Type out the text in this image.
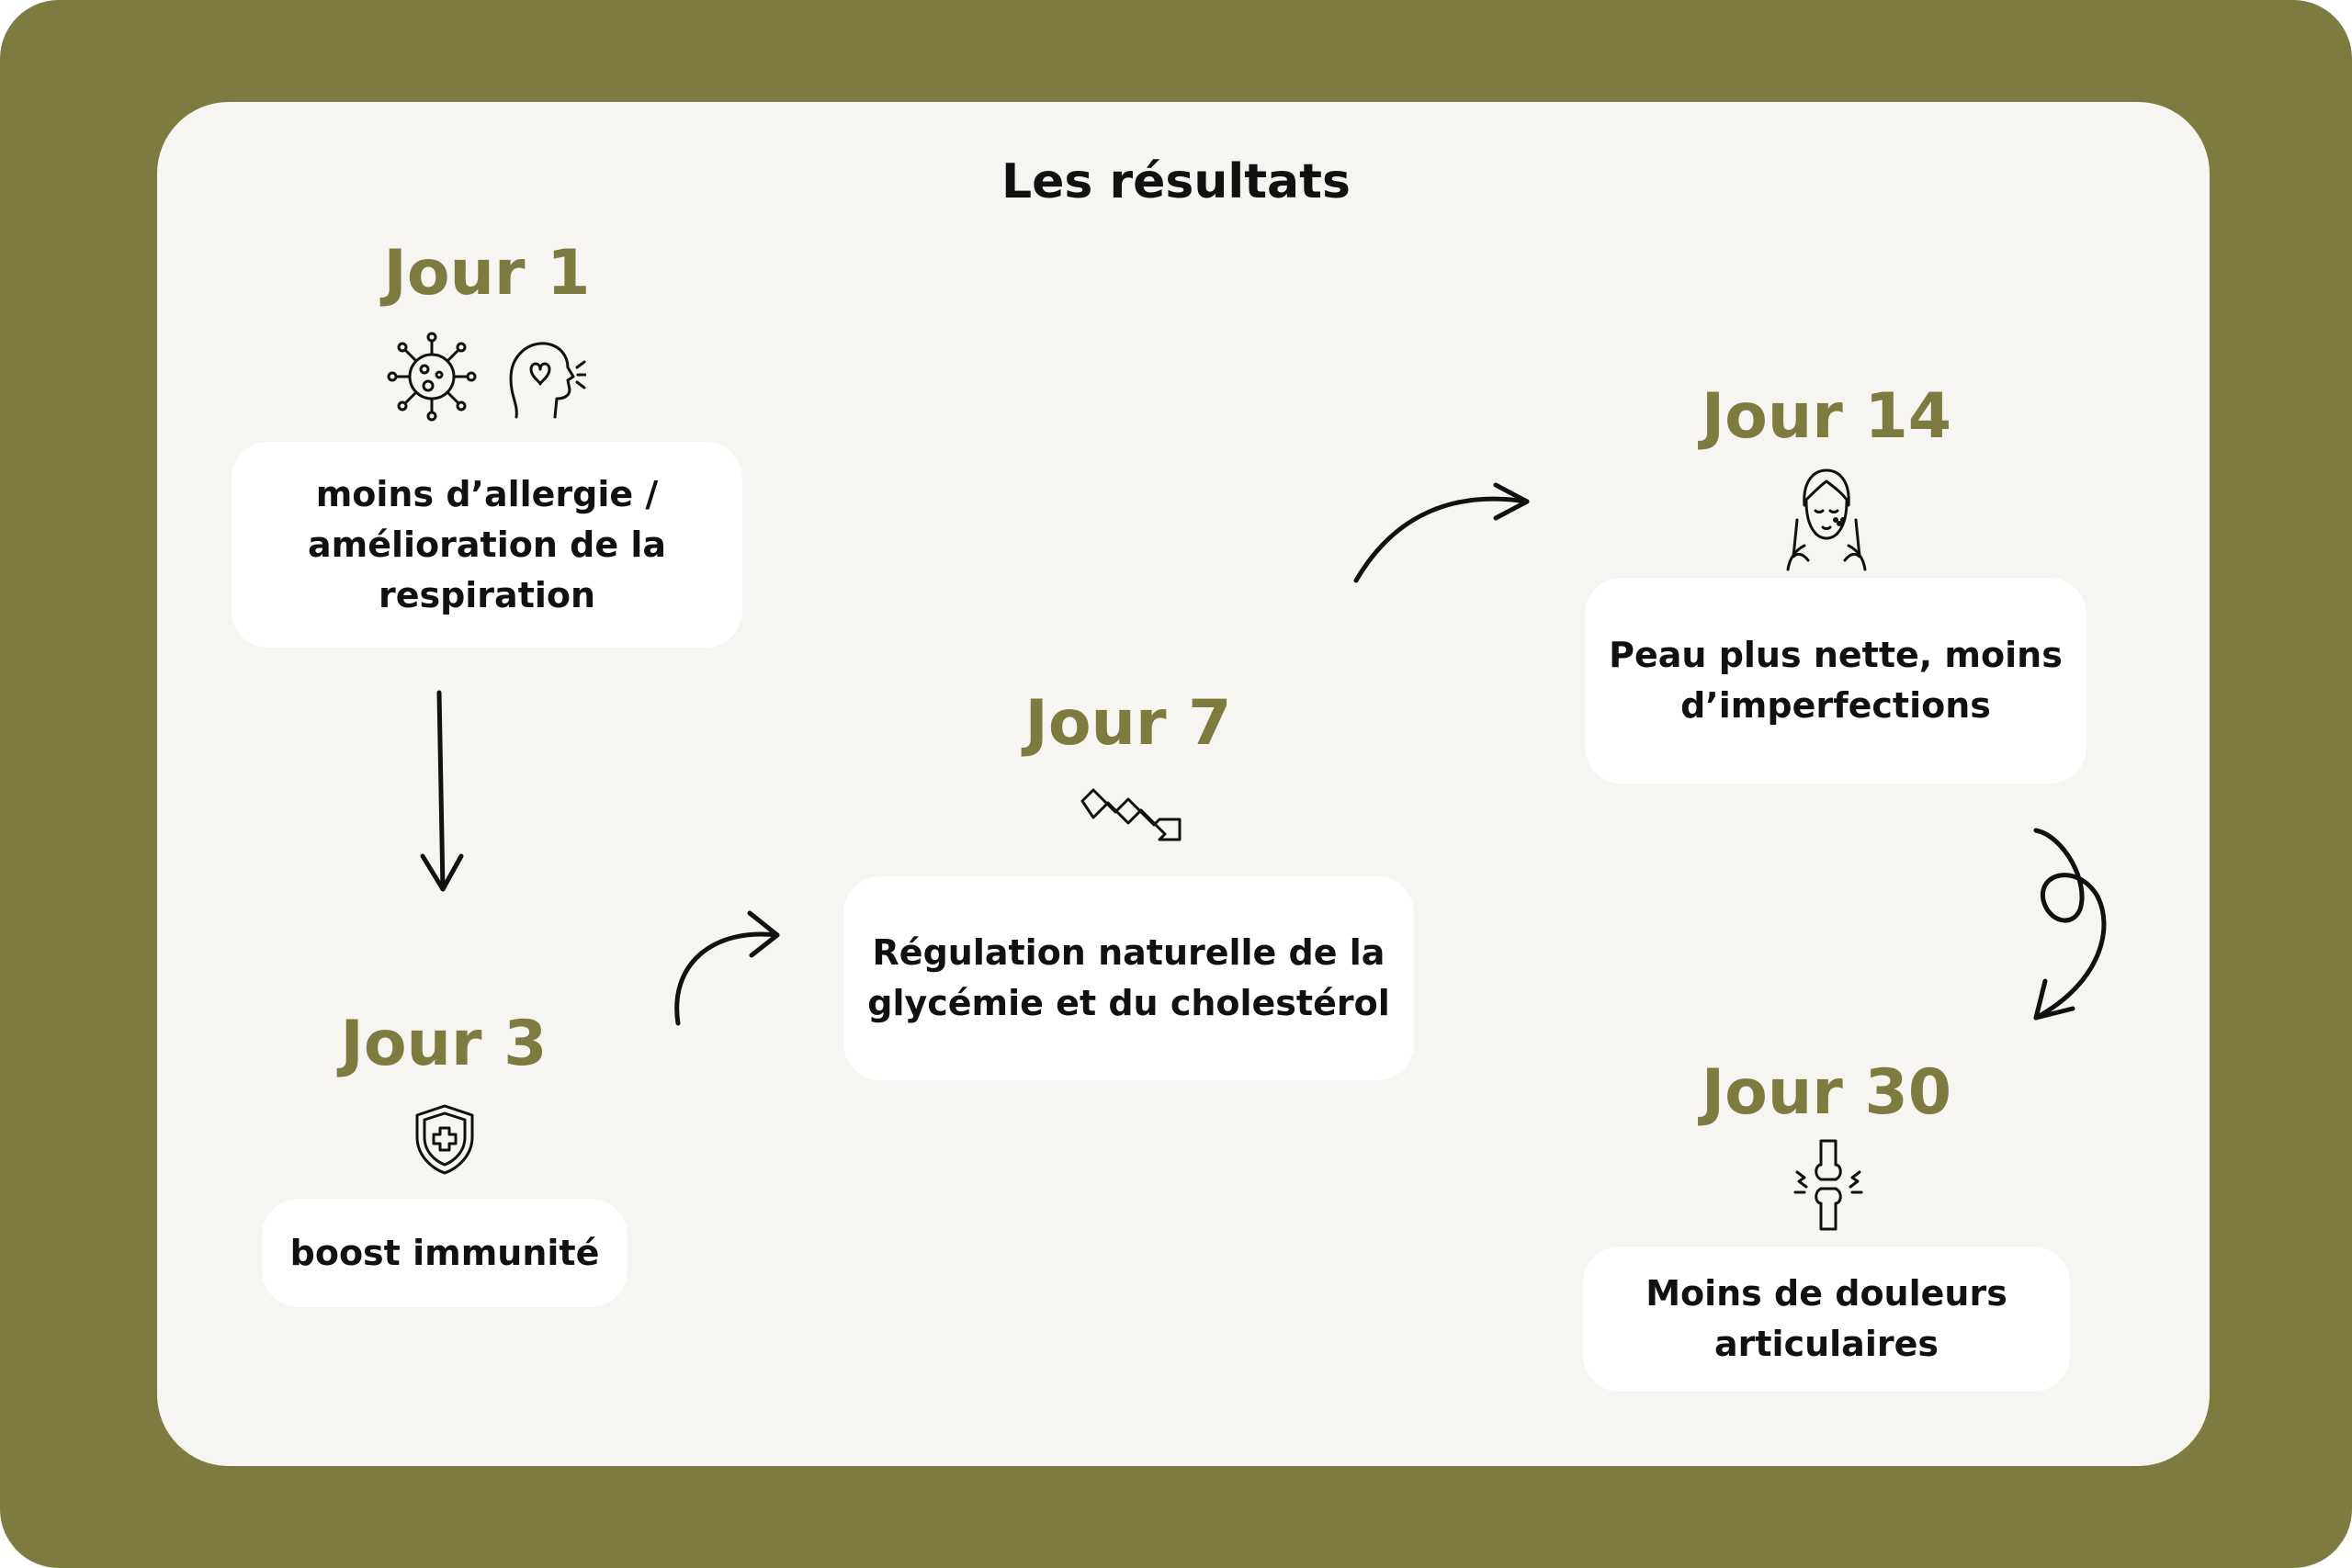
Les résultats
Jour 1
moins d’allergie / amélioration de la respiration
Jour 3
boost immunité
Jour 7
Régulation naturelle de la glycémie et du cholestérol
Jour 14
Peau plus nette, moins d’imperfections
Jour 30
Moins de douleurs articulaires
